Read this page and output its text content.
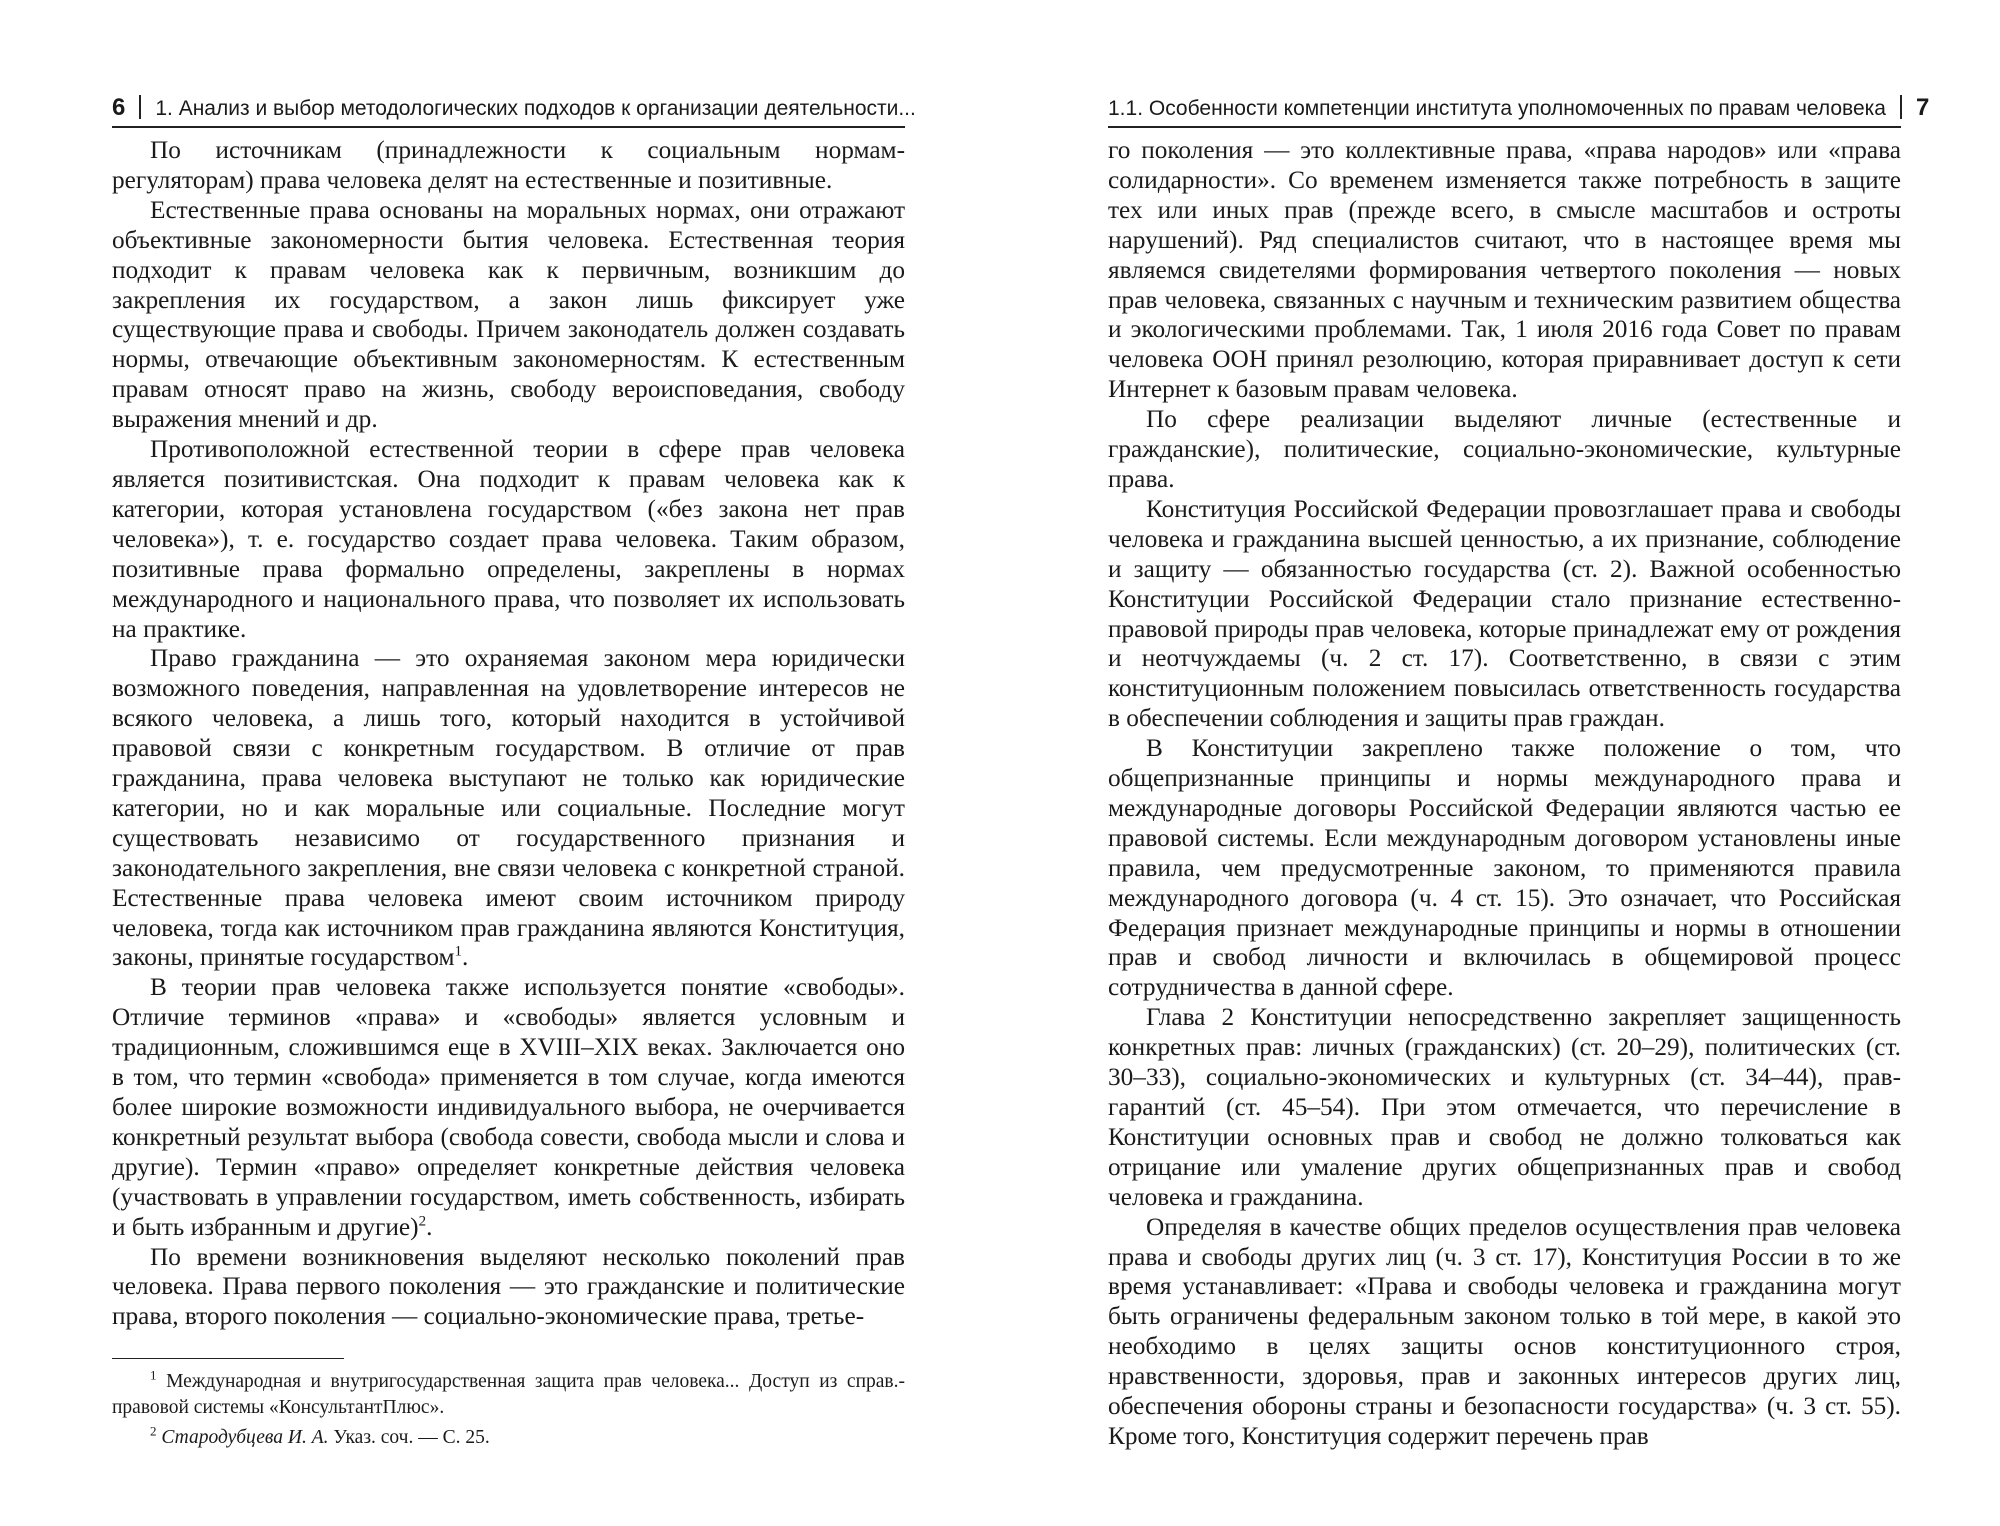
6 1. Анализ и выбор методологических подходов к организации деятельности...

По источникам (принадлежности к социальным нормам-регуляторам) права человека делят на естественные и позитивные.

Естественные права основаны на моральных нормах, они отражают объективные закономерности бытия человека. Естественная теория подходит к правам человека как к первичным, возникшим до закрепления их государством, а закон лишь фиксирует уже существующие права и свободы. Причем законодатель должен создавать нормы, отвечающие объективным закономерностям. К естественным правам относят право на жизнь, свободу вероисповедания, свободу выражения мнений и др.

Противоположной естественной теории в сфере прав человека является позитивистская. Она подходит к правам человека как к категории, которая установлена государством («без закона нет прав человека»), т. е. государство создает права человека. Таким образом, позитивные права формально определены, закреплены в нормах международного и национального права, что позволяет их использовать на практике.

Право гражданина — это охраняемая законом мера юридически возможного поведения, направленная на удовлетворение интересов не всякого человека, а лишь того, который находится в устойчивой правовой связи с конкретным государством. В отличие от прав гражданина, права человека выступают не только как юридические категории, но и как моральные или социальные. Последние могут существовать независимо от государственного признания и законодательного закрепления, вне связи человека с конкретной страной. Естественные права человека имеют своим источником природу человека, тогда как источником прав гражданина являются Конституция, законы, принятые государством$^1$.

В теории прав человека также используется понятие «свободы». Отличие терминов «права» и «свободы» является условным и традиционным, сложившимся еще в XVIII–XIX веках. Заключается оно в том, что термин «свобода» применяется в том случае, когда имеются более широкие возможности индивидуального выбора, не очерчивается конкретный результат выбора (свобода совести, свобода мысли и слова и другие). Термин «право» определяет конкретные действия человека (участвовать в управлении государством, иметь собственность, избирать и быть избранным и другие)$^2$.

По времени возникновения выделяют несколько поколений прав человека. Права первого поколения — это гражданские и политические права, второго поколения — социально-экономические права, третье-

$^1$ Международная и внутригосударственная защита прав человека... Доступ из справ.-правовой системы «КонсультантПлюс».

$^2$ Стародубцева И. А. Указ. соч. — С. 25.

1.1. Особенности компетенции института уполномоченных по правам человека 7

го поколения — это коллективные права, «права народов» или «права солидарности». Со временем изменяется также потребность в защите тех или иных прав (прежде всего, в смысле масштабов и остроты нарушений). Ряд специалистов считают, что в настоящее время мы являемся свидетелями формирования четвертого поколения — новых прав человека, связанных с научным и техническим развитием общества и экологическими проблемами. Так, 1 июля 2016 года Совет по правам человека ООН принял резолюцию, которая приравнивает доступ к сети Интернет к базовым правам человека.

По сфере реализации выделяют личные (естественные и гражданские), политические, социально-экономические, культурные права.

Конституция Российской Федерации провозглашает права и свободы человека и гражданина высшей ценностью, а их признание, соблюдение и защиту — обязанностью государства (ст. 2). Важной особенностью Конституции Российской Федерации стало признание естественно-правовой природы прав человека, которые принадлежат ему от рождения и неотчуждаемы (ч. 2 ст. 17). Соответственно, в связи с этим конституционным положением повысилась ответственность государства в обеспечении соблюдения и защиты прав граждан.

В Конституции закреплено также положение о том, что общепризнанные принципы и нормы международного права и международные договоры Российской Федерации являются частью ее правовой системы. Если международным договором установлены иные правила, чем предусмотренные законом, то применяются правила международного договора (ч. 4 ст. 15). Это означает, что Российская Федерация признает международные принципы и нормы в отношении прав и свобод личности и включилась в общемировой процесс сотрудничества в данной сфере.

Глава 2 Конституции непосредственно закрепляет защищенность конкретных прав: личных (гражданских) (ст. 20–29), политических (ст. 30–33), социально-экономических и культурных (ст. 34–44), прав-гарантий (ст. 45–54). При этом отмечается, что перечисление в Конституции основных прав и свобод не должно толковаться как отрицание или умаление других общепризнанных прав и свобод человека и гражданина.

Определяя в качестве общих пределов осуществления прав человека права и свободы других лиц (ч. 3 ст. 17), Конституция России в то же время устанавливает: «Права и свободы человека и гражданина могут быть ограничены федеральным законом только в той мере, в какой это необходимо в целях защиты основ конституционного строя, нравственности, здоровья, прав и законных интересов других лиц, обеспечения обороны страны и безопасности государства» (ч. 3 ст. 55). Кроме того, Конституция содержит перечень прав
